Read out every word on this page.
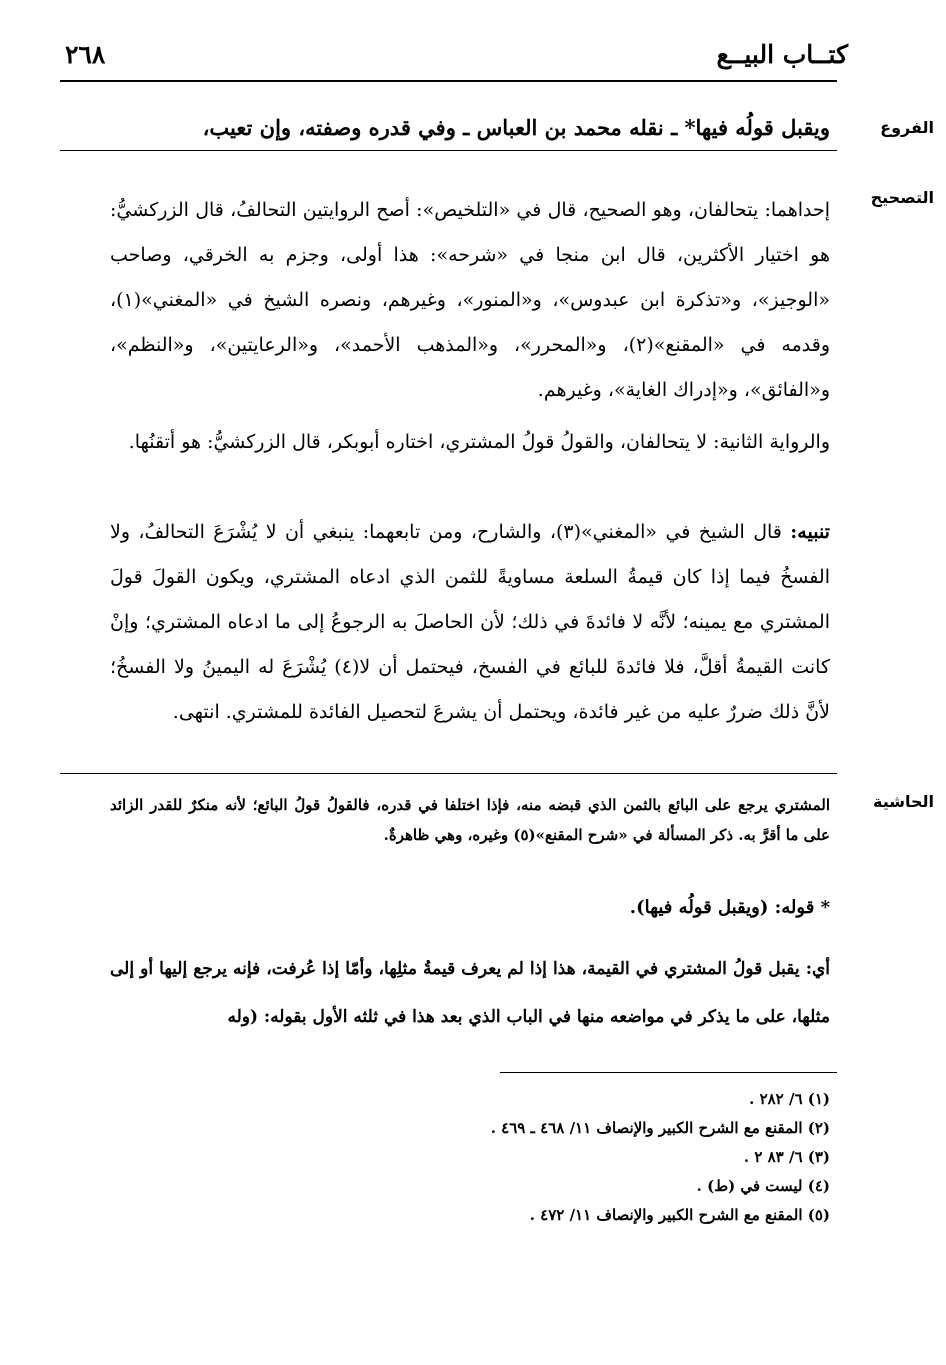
كتــاب البيــع
٢٦٨
الفروع
ويقبل قولُه فيها* ـ نقله محمد بن العباس ـ وفي قدره وصفته، وإن تعيب،
التصحيح

إحداهما: يتحالفان، وهو الصحيح، قال في «التلخيص»: أصح الروايتين التحالفُ، قال الزركشيُّ: هو اختيار الأكثرين، قال ابن منجا في «شرحه»: هذا أولى، وجزم به الخرقي، وصاحب «الوجيز»، و«تذكرة ابن عبدوس»، و«المنور»، وغيرهم، ونصره الشيخ في «المغني»(١)، وقدمه في «المقنع»(٢)، و«المحرر»، و«المذهب الأحمد»، و«الرعايتين»، و«النظم»، و«الفائق»، و«إدراك الغاية»، وغيرهم.

والرواية الثانية: لا يتحالفان، والقولُ قولُ المشتري، اختاره أبوبكر، قال الزركشيُّ: هو أتقنُها.

تنبيه: قال الشيخ في «المغني»(٣)، والشارح، ومن تابعهما: ينبغي أن لا يُشْرَعَ التحالفُ، ولا الفسخُ فيما إذا كان قيمةُ السلعة مساويةً للثمن الذي ادعاه المشتري، ويكون القولَ قولَ المشتري مع يمينه؛ لأنَّه لا فائدةَ في ذلك؛ لأن الحاصلَ به الرجوعُ إلى ما ادعاه المشتري؛ وإنْ كانت القيمةُ أقلَّ، فلا فائدةَ للبائع في الفسخ، فيحتمل أن لا(٤) يُشْرَعَ له اليمينُ ولا الفسخُ؛ لأنَّ ذلك ضررٌ عليه من غير فائدة، ويحتمل أن يشرعَ لتحصيل الفائدة للمشتري. انتهى.

الحاشية
المشتري يرجع على البائع بالثمن الذي قبضه منه، فإذا اختلفا في قدره، فالقولُ قولُ البائع؛ لأنه منكرٌ للقدر الزائد على ما أقرَّ به. ذكر المسألة في «شرح المقنع»(٥) وغيره، وهي ظاهرةٌ.
* قوله: (ويقبل قولُه فيها).
أي: يقبل قولُ المشتري في القيمة، هذا إذا لم يعرف قيمةُ مثلِها، وأمّا إذا عُرفت، فإنه يرجع إليها أو إلى مثلها، على ما يذكر في مواضعه منها في الباب الذي بعد هذا في ثلثه الأول بقوله: (وله
(١) ٦/ ٢٨٢ .
(٢) المقنع مع الشرح الكبير والإنصاف ١١/ ٤٦٨ ـ ٤٦٩ .
(٣) ٦/ ٨٣ ٢ .
(٤) ليست في (ط) .
(٥) المقنع مع الشرح الكبير والإنصاف ١١/ ٤٧٢ .
